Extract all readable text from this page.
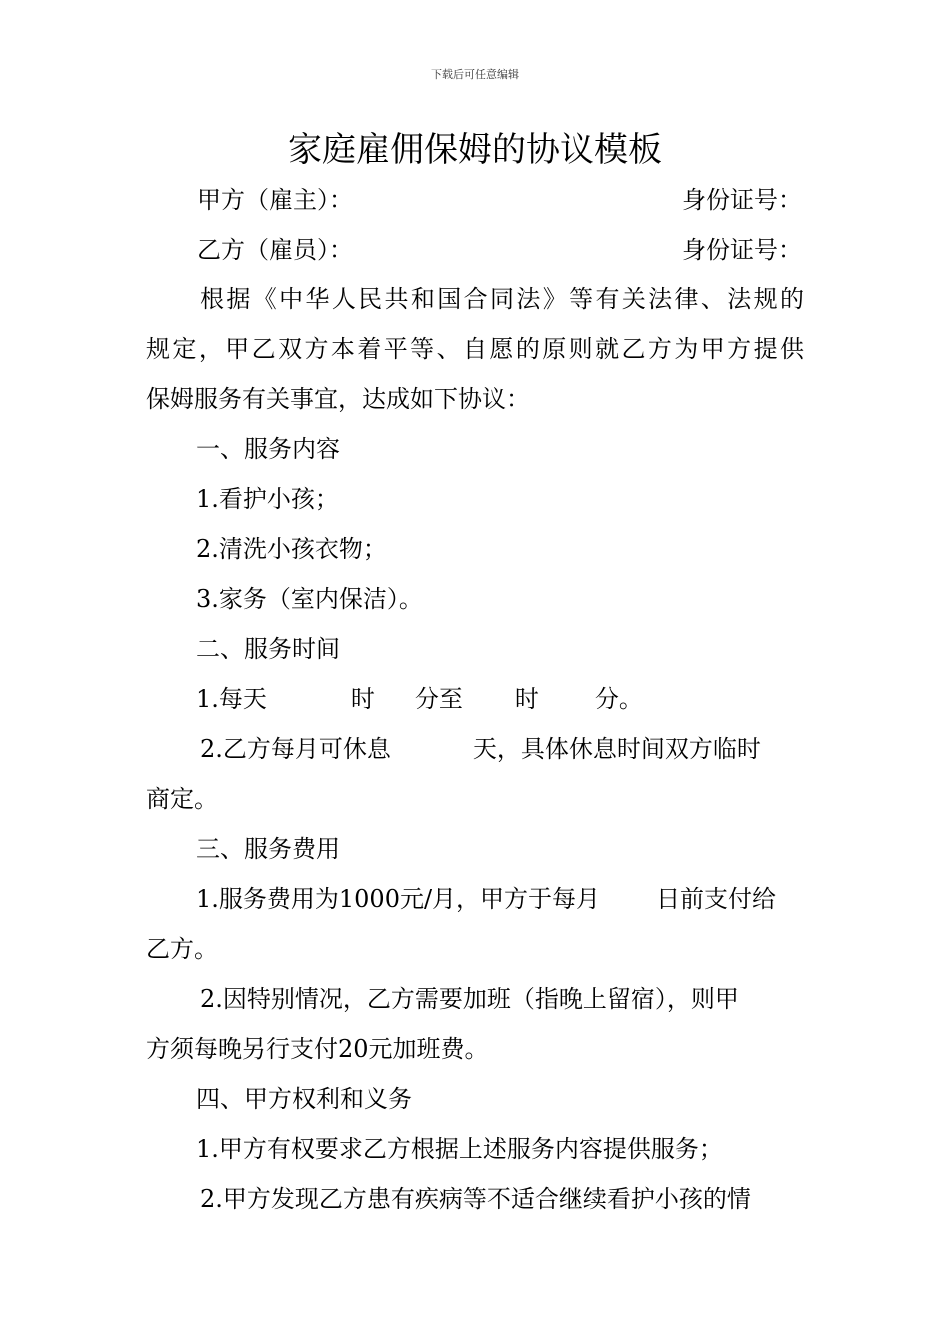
下载后可任意编辑
家庭雇佣保姆的协议模板
甲方（雇主）：	身份证号：
乙方（雇员）：	身份证号：
根据《中华人民共和国合同法》等有关法律、法规的
规定，甲乙双方本着平等、自愿的原则就乙方为甲方提供
保姆服务有关事宜，达成如下协议：
一、服务内容
1.看护小孩；
2.清洗小孩衣物；
3.家务（室内保洁）。
二、服务时间
1.每天	时 分至 时 分。
2.乙方每月可休息	天，具体休息时间双方临时
商定。
三、服务费用
1.服务费用为1000元/月，甲方于每月 日前支付给
乙方。
2.因特别情况，乙方需要加班（指晚上留宿），则甲
方须每晚另行支付20元加班费。
四、甲方权利和义务
1.甲方有权要求乙方根据上述服务内容提供服务；
2.甲方发现乙方患有疾病等不适合继续看护小孩的情
